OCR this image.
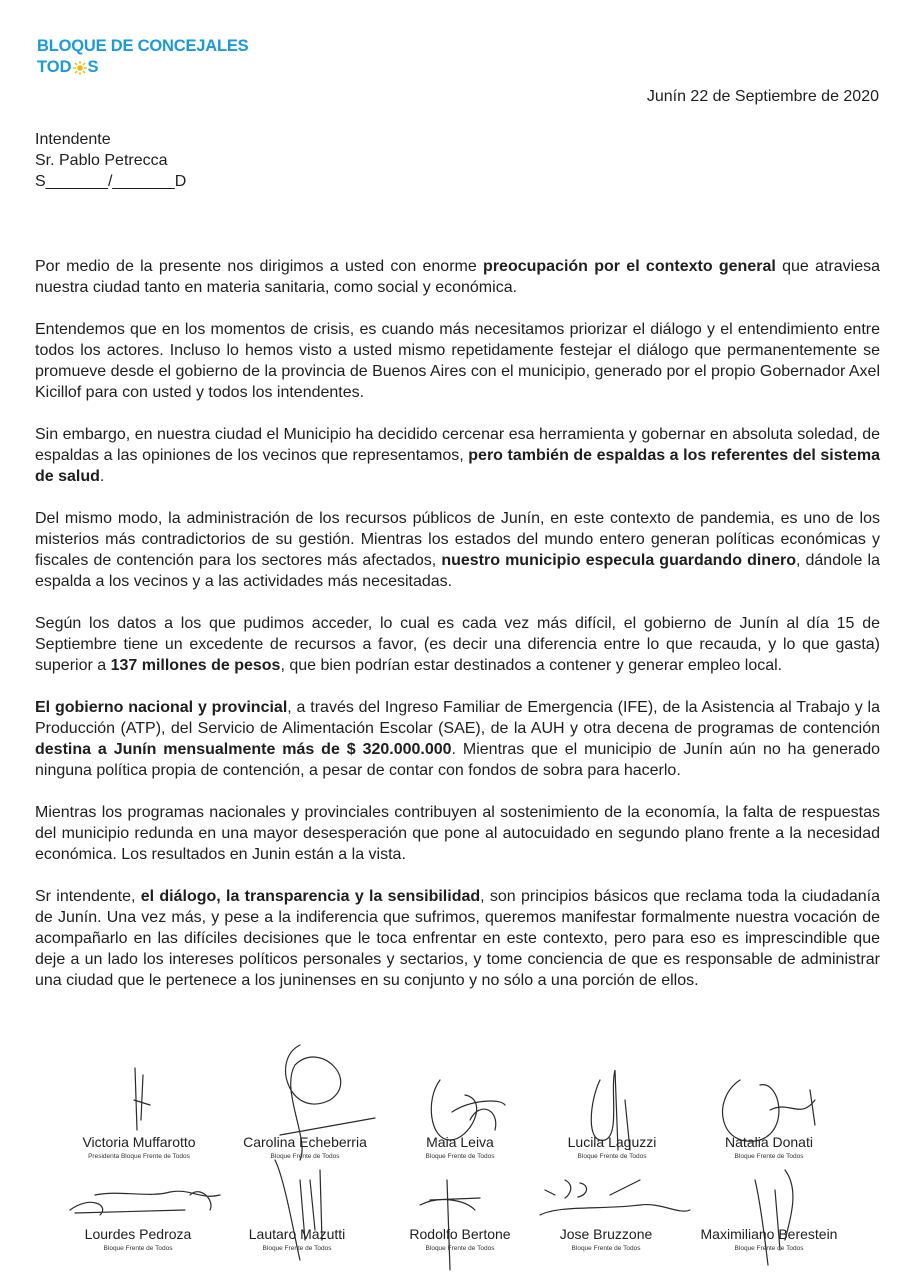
BLOQUE DE CONCEJALES
TOD S
Junín 22 de Septiembre de 2020
Intendente
Sr. Pablo Petrecca
S_______/_______D

Por medio de la presente nos dirigimos a usted con enorme preocupación por el contexto general que atraviesa nuestra ciudad tanto en materia sanitaria, como social y económica.

Entendemos que en los momentos de crisis, es cuando más necesitamos priorizar el diálogo y el entendimiento entre todos los actores. Incluso lo hemos visto a usted mismo repetidamente festejar el diálogo que permanentemente se promueve desde el gobierno de la provincia de Buenos Aires con el municipio, generado por el propio Gobernador Axel Kicillof para con usted y todos los intendentes.

Sin embargo, en nuestra ciudad el Municipio ha decidido cercenar esa herramienta y gobernar en absoluta soledad, de espaldas a las opiniones de los vecinos que representamos, pero también de espaldas a los referentes del sistema de salud.

Del mismo modo, la administración de los recursos públicos de Junín, en este contexto de pandemia, es uno de los misterios más contradictorios de su gestión. Mientras los estados del mundo entero generan políticas económicas y fiscales de contención para los sectores más afectados, nuestro municipio especula guardando dinero, dándole la espalda a los vecinos y a las actividades más necesitadas.

Según los datos a los que pudimos acceder, lo cual es cada vez más difícil, el gobierno de Junín al día 15 de Septiembre tiene un excedente de recursos a favor, (es decir una diferencia entre lo que recauda, y lo que gasta) superior a 137 millones de pesos, que bien podrían estar destinados a contener y generar empleo local.

El gobierno nacional y provincial, a través del Ingreso Familiar de Emergencia (IFE), de la Asistencia al Trabajo y la Producción (ATP), del Servicio de Alimentación Escolar (SAE), de la AUH y otra decena de programas de contención destina a Junín mensualmente más de $ 320.000.000. Mientras que el municipio de Junín aún no ha generado ninguna política propia de contención, a pesar de contar con fondos de sobra para hacerlo.

Mientras los programas nacionales y provinciales contribuyen al sostenimiento de la economía, la falta de respuestas del municipio redunda en una mayor desesperación que pone al autocuidado en segundo plano frente a la necesidad económica. Los resultados en Junin están a la vista.

Sr intendente, el diálogo, la transparencia y la sensibilidad, son principios básicos que reclama toda la ciudadanía de Junín. Una vez más, y pese a la indiferencia que sufrimos, queremos manifestar formalmente nuestra vocación de acompañarlo en las difíciles decisiones que le toca enfrentar en este contexto, pero para eso es imprescindible que deje a un lado los intereses políticos personales y sectarios, y tome conciencia de que es responsable de administrar una ciudad que le pertenece a los juninenses en su conjunto y no sólo a una porción de ellos.

Victoria Muffarotto
Presidenta Bloque Frente de Todos
Carolina Echeberria
Bloque Frente de Todos
Maia Leiva
Bloque Frente de Todos
Lucila Laguzzi
Bloque Frente de Todos
Natalia Donati
Bloque Frente de Todos
Lourdes Pedroza
Bloque Frente de Todos
Lautaro Mazutti
Bloque Frente de Todos
Rodolfo Bertone
Bloque Frente de Todos
Jose Bruzzone
Bloque Frente de Todos
Maximiliano Berestein
Bloque Frente de Todos
